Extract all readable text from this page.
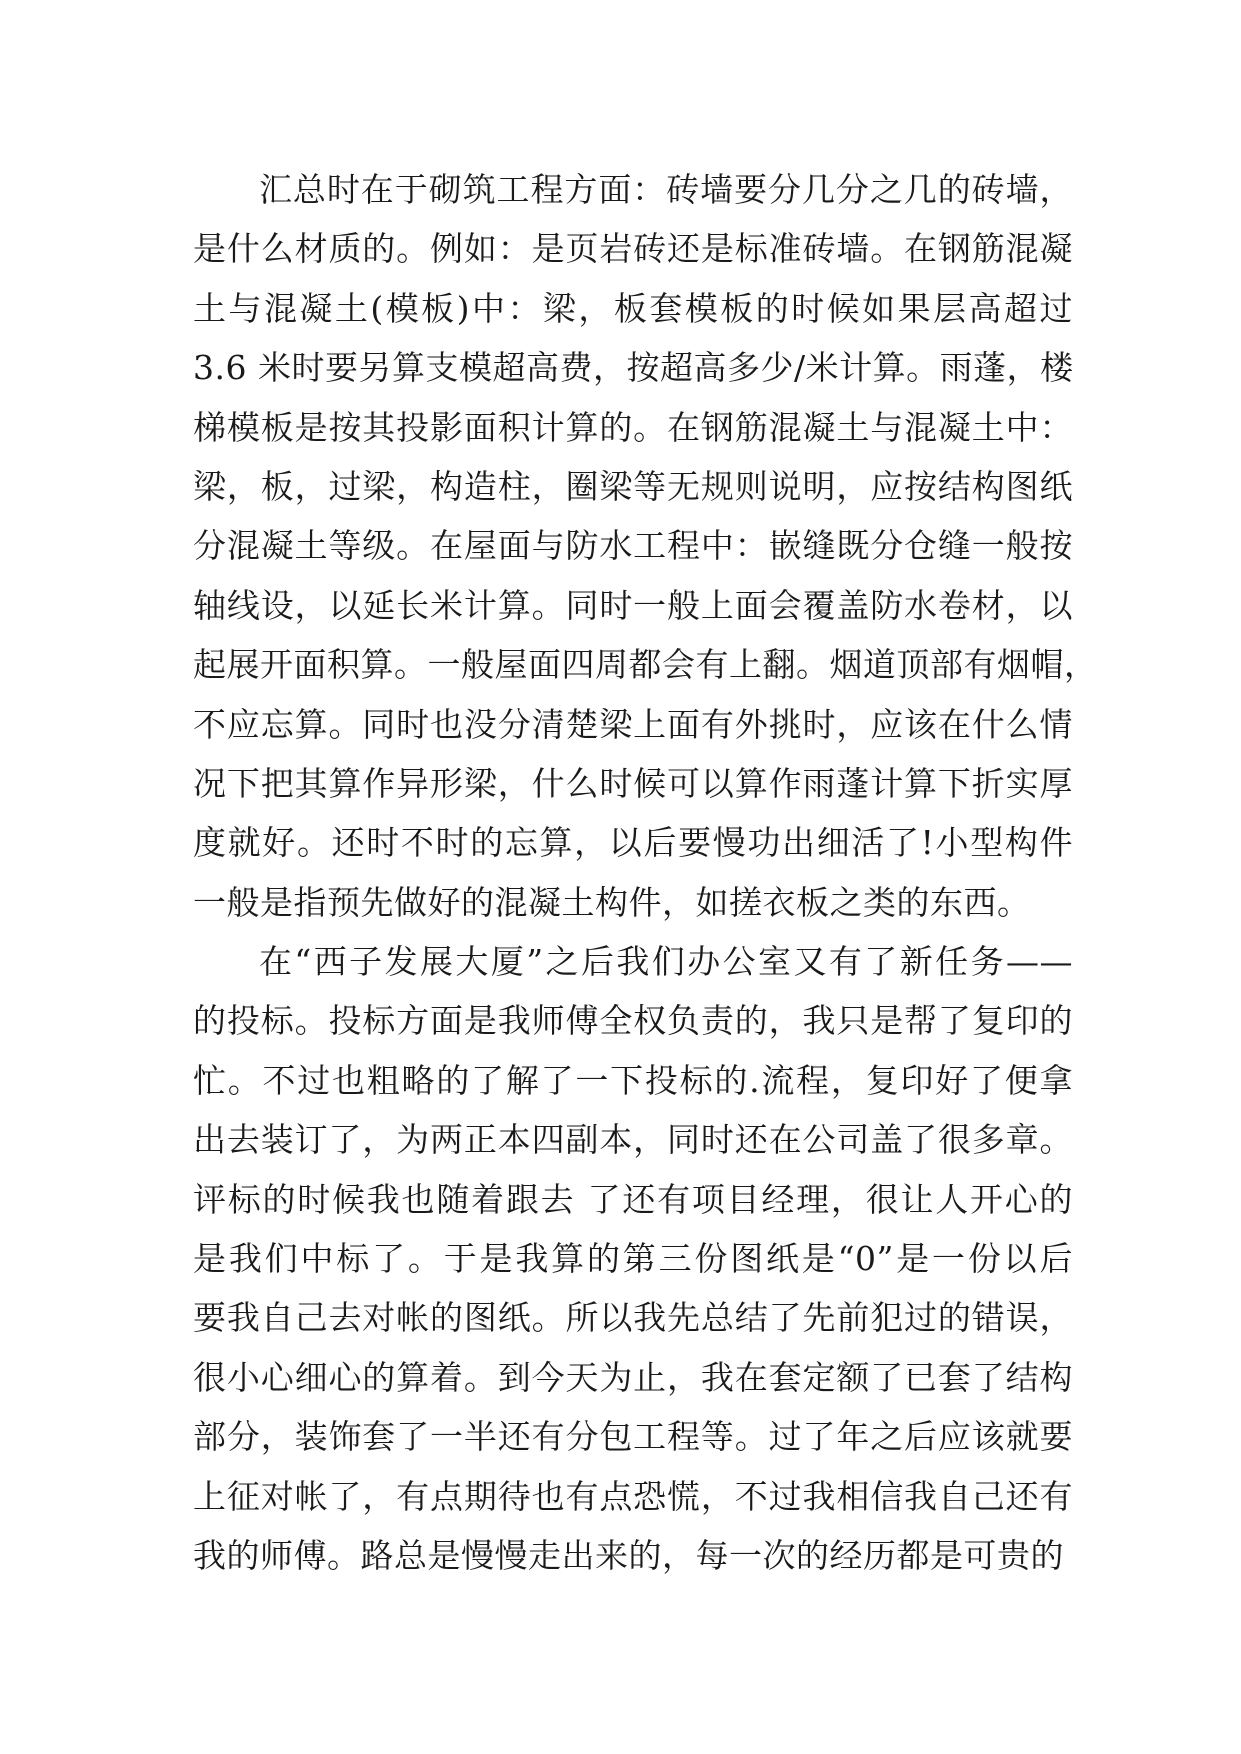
汇总时在于砌筑工程方面：砖墙要分几分之几的砖墙，
是什么材质的。例如：是页岩砖还是标准砖墙。在钢筋混凝
土与混凝土(模板)中：梁，板套模板的时候如果层高超过
3.6 米时要另算支模超高费，按超高多少/米计算。雨蓬，楼
梯模板是按其投影面积计算的。在钢筋混凝土与混凝土中：
梁，板，过梁，构造柱，圈梁等无规则说明，应按结构图纸
分混凝土等级。在屋面与防水工程中：嵌缝既分仓缝一般按
轴线设，以延长米计算。同时一般上面会覆盖防水卷材，以
起展开面积算。一般屋面四周都会有上翻。烟道顶部有烟帽，
不应忘算。同时也没分清楚梁上面有外挑时，应该在什么情
况下把其算作异形梁，什么时候可以算作雨蓬计算下折实厚
度就好。还时不时的忘算，以后要慢功出细活了!小型构件
一般是指预先做好的混凝土构件，如搓衣板之类的东西。
在“西子发展大厦”之后我们办公室又有了新任务——
的投标。投标方面是我师傅全权负责的，我只是帮了复印的
忙。不过也粗略的了解了一下投标的.流程，复印好了便拿
出去装订了，为两正本四副本，同时还在公司盖了很多章。
评标的时候我也随着跟去 了还有项目经理，很让人开心的
是我们中标了。于是我算的第三份图纸是“0”是一份以后
要我自己去对帐的图纸。所以我先总结了先前犯过的错误，
很小心细心的算着。到今天为止，我在套定额了已套了结构
部分，装饰套了一半还有分包工程等。过了年之后应该就要
上征对帐了，有点期待也有点恐慌，不过我相信我自己还有
我的师傅。路总是慢慢走出来的，每一次的经历都是可贵的
